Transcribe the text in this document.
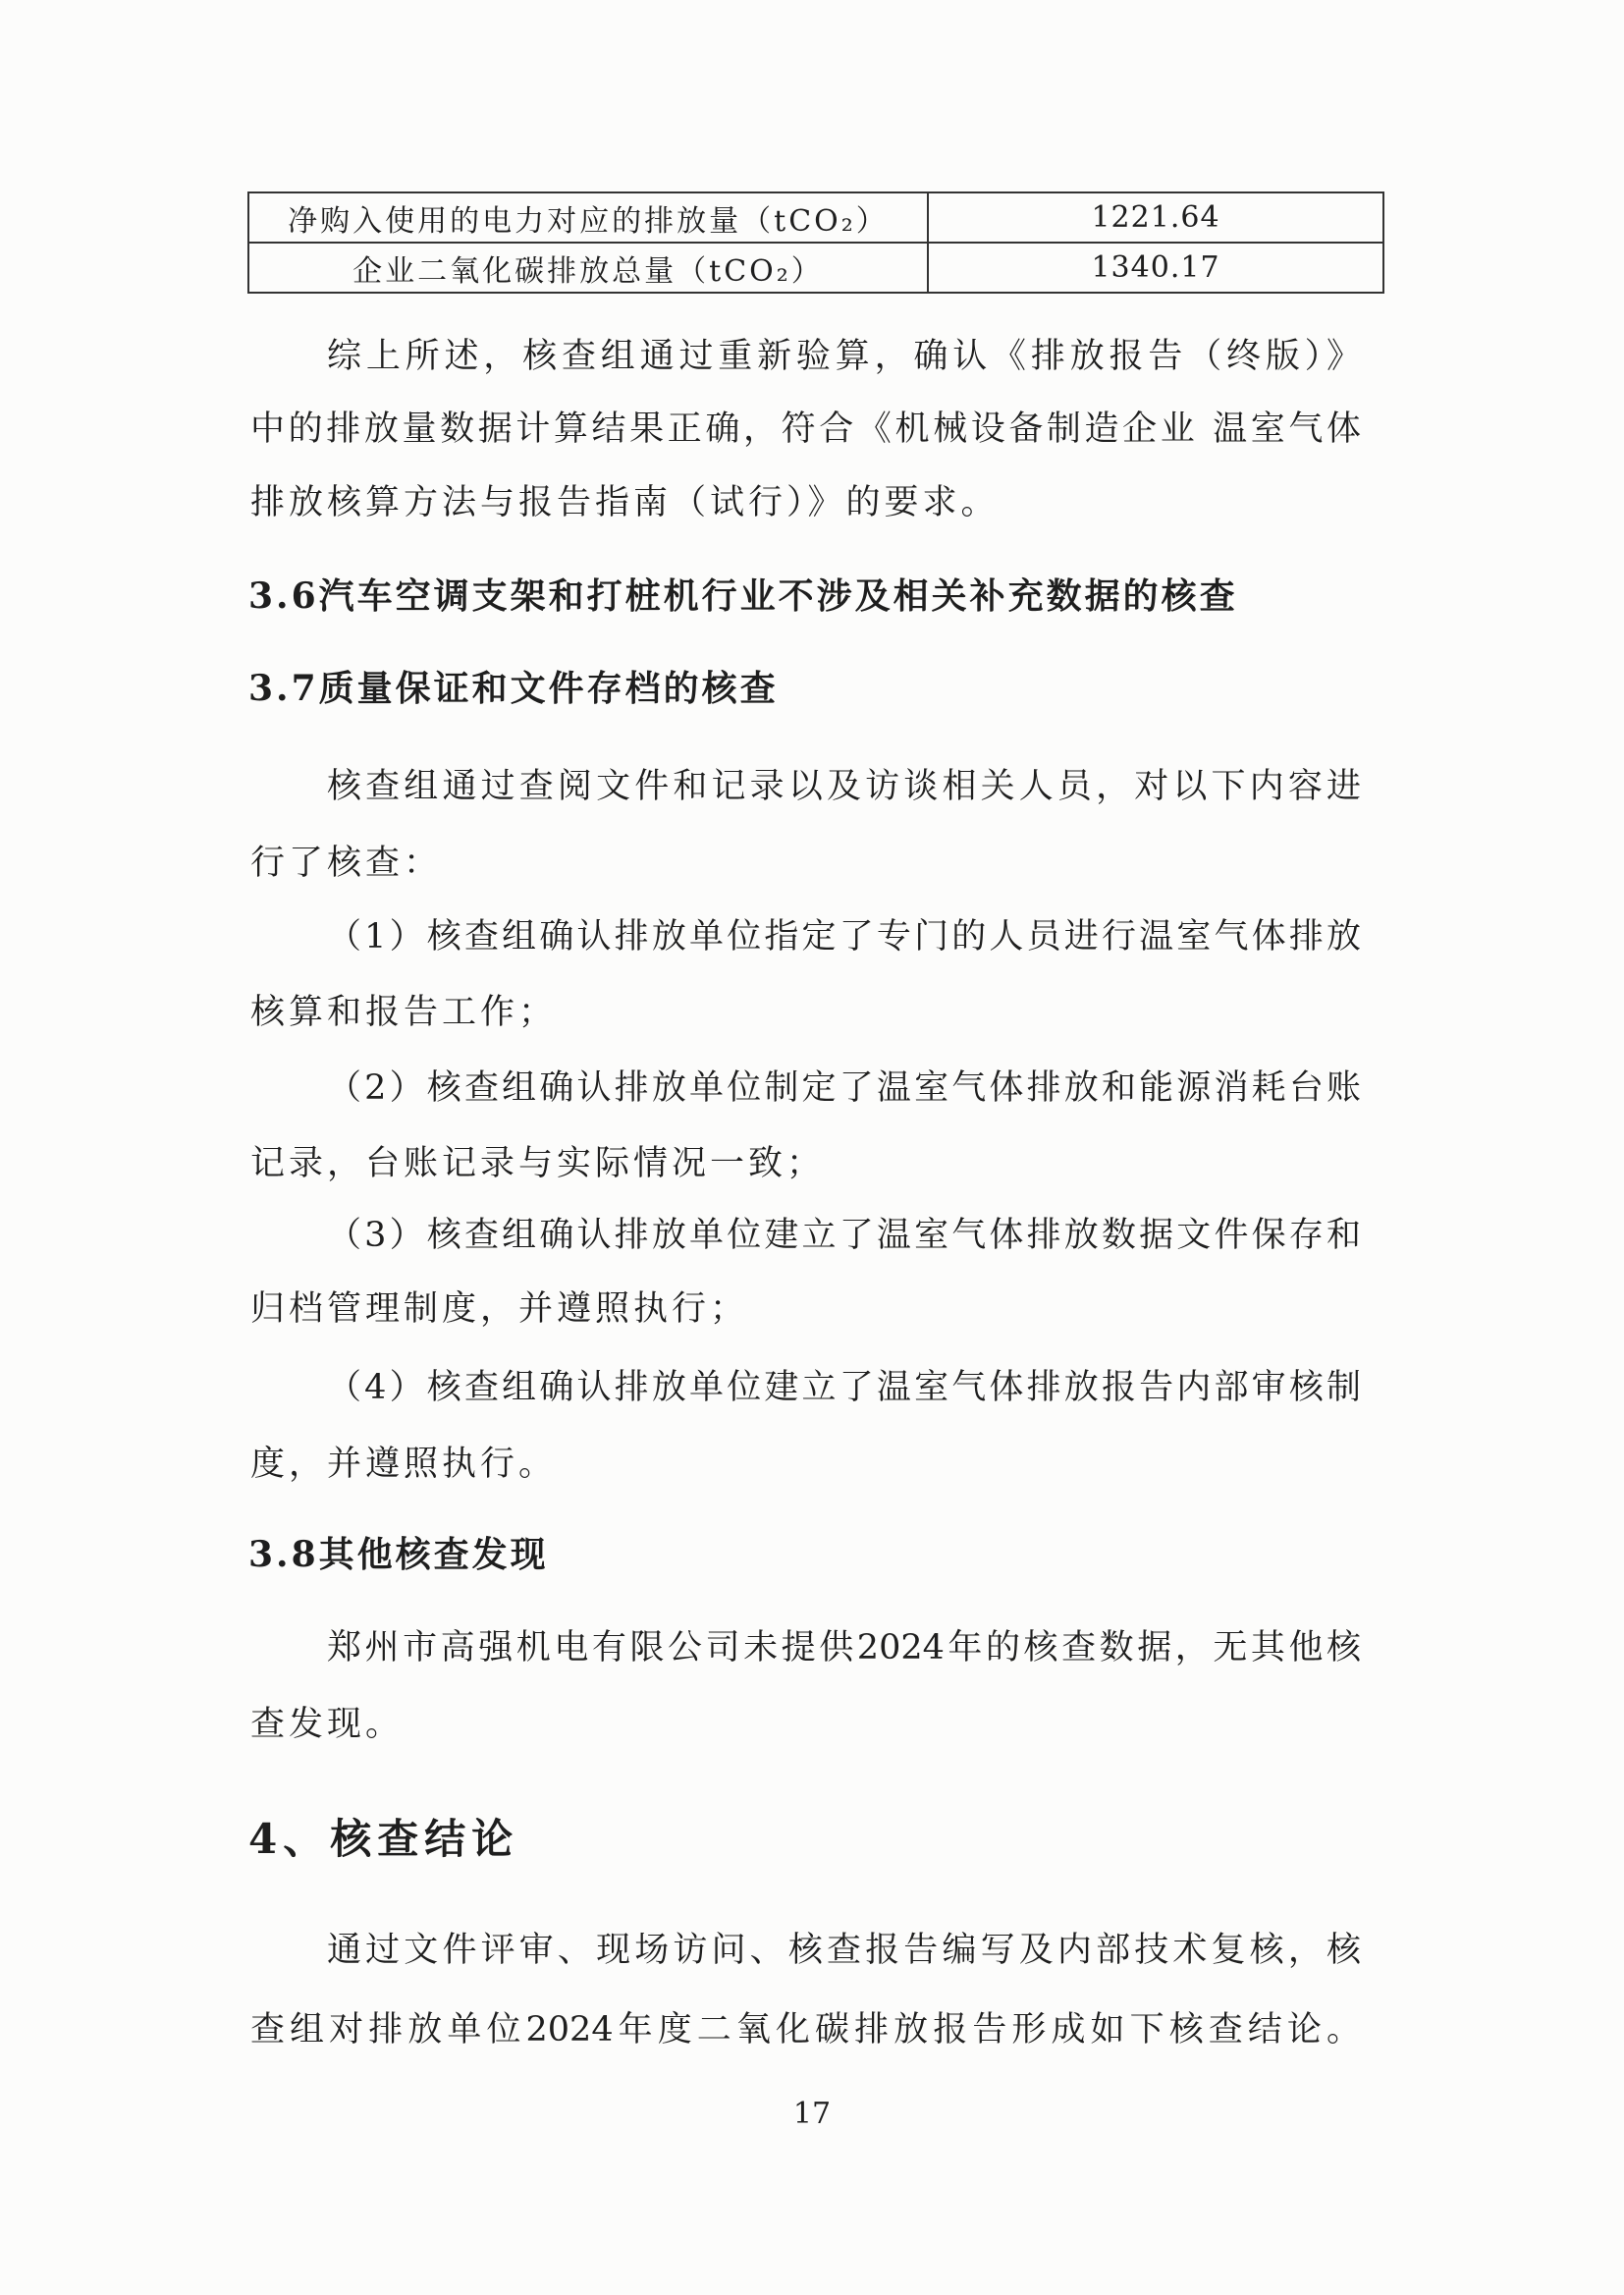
净购入使用的电力对应的排放量（tCO₂）	1221.64
企业二氧化碳排放总量（tCO₂）	1340.17
综上所述，核查组通过重新验算，确认《排放报告（终版）》
中的排放量数据计算结果正确，符合《机械设备制造企业 温室气体
排放核算方法与报告指南（试行）》的要求。
3.6汽车空调支架和打桩机行业不涉及相关补充数据的核查
3.7质量保证和文件存档的核查
核查组通过查阅文件和记录以及访谈相关人员，对以下内容进
行了核查：
（1）核查组确认排放单位指定了专门的人员进行温室气体排放
核算和报告工作；
（2）核查组确认排放单位制定了温室气体排放和能源消耗台账
记录，台账记录与实际情况一致；
（3）核查组确认排放单位建立了温室气体排放数据文件保存和
归档管理制度，并遵照执行；
（4）核查组确认排放单位建立了温室气体排放报告内部审核制
度，并遵照执行。
3.8其他核查发现
郑州市高强机电有限公司未提供2024年的核查数据，无其他核
查发现。
4、核查结论
通过文件评审、现场访问、核查报告编写及内部技术复核，核
查组对排放单位2024年度二氧化碳排放报告形成如下核查结论。
17
